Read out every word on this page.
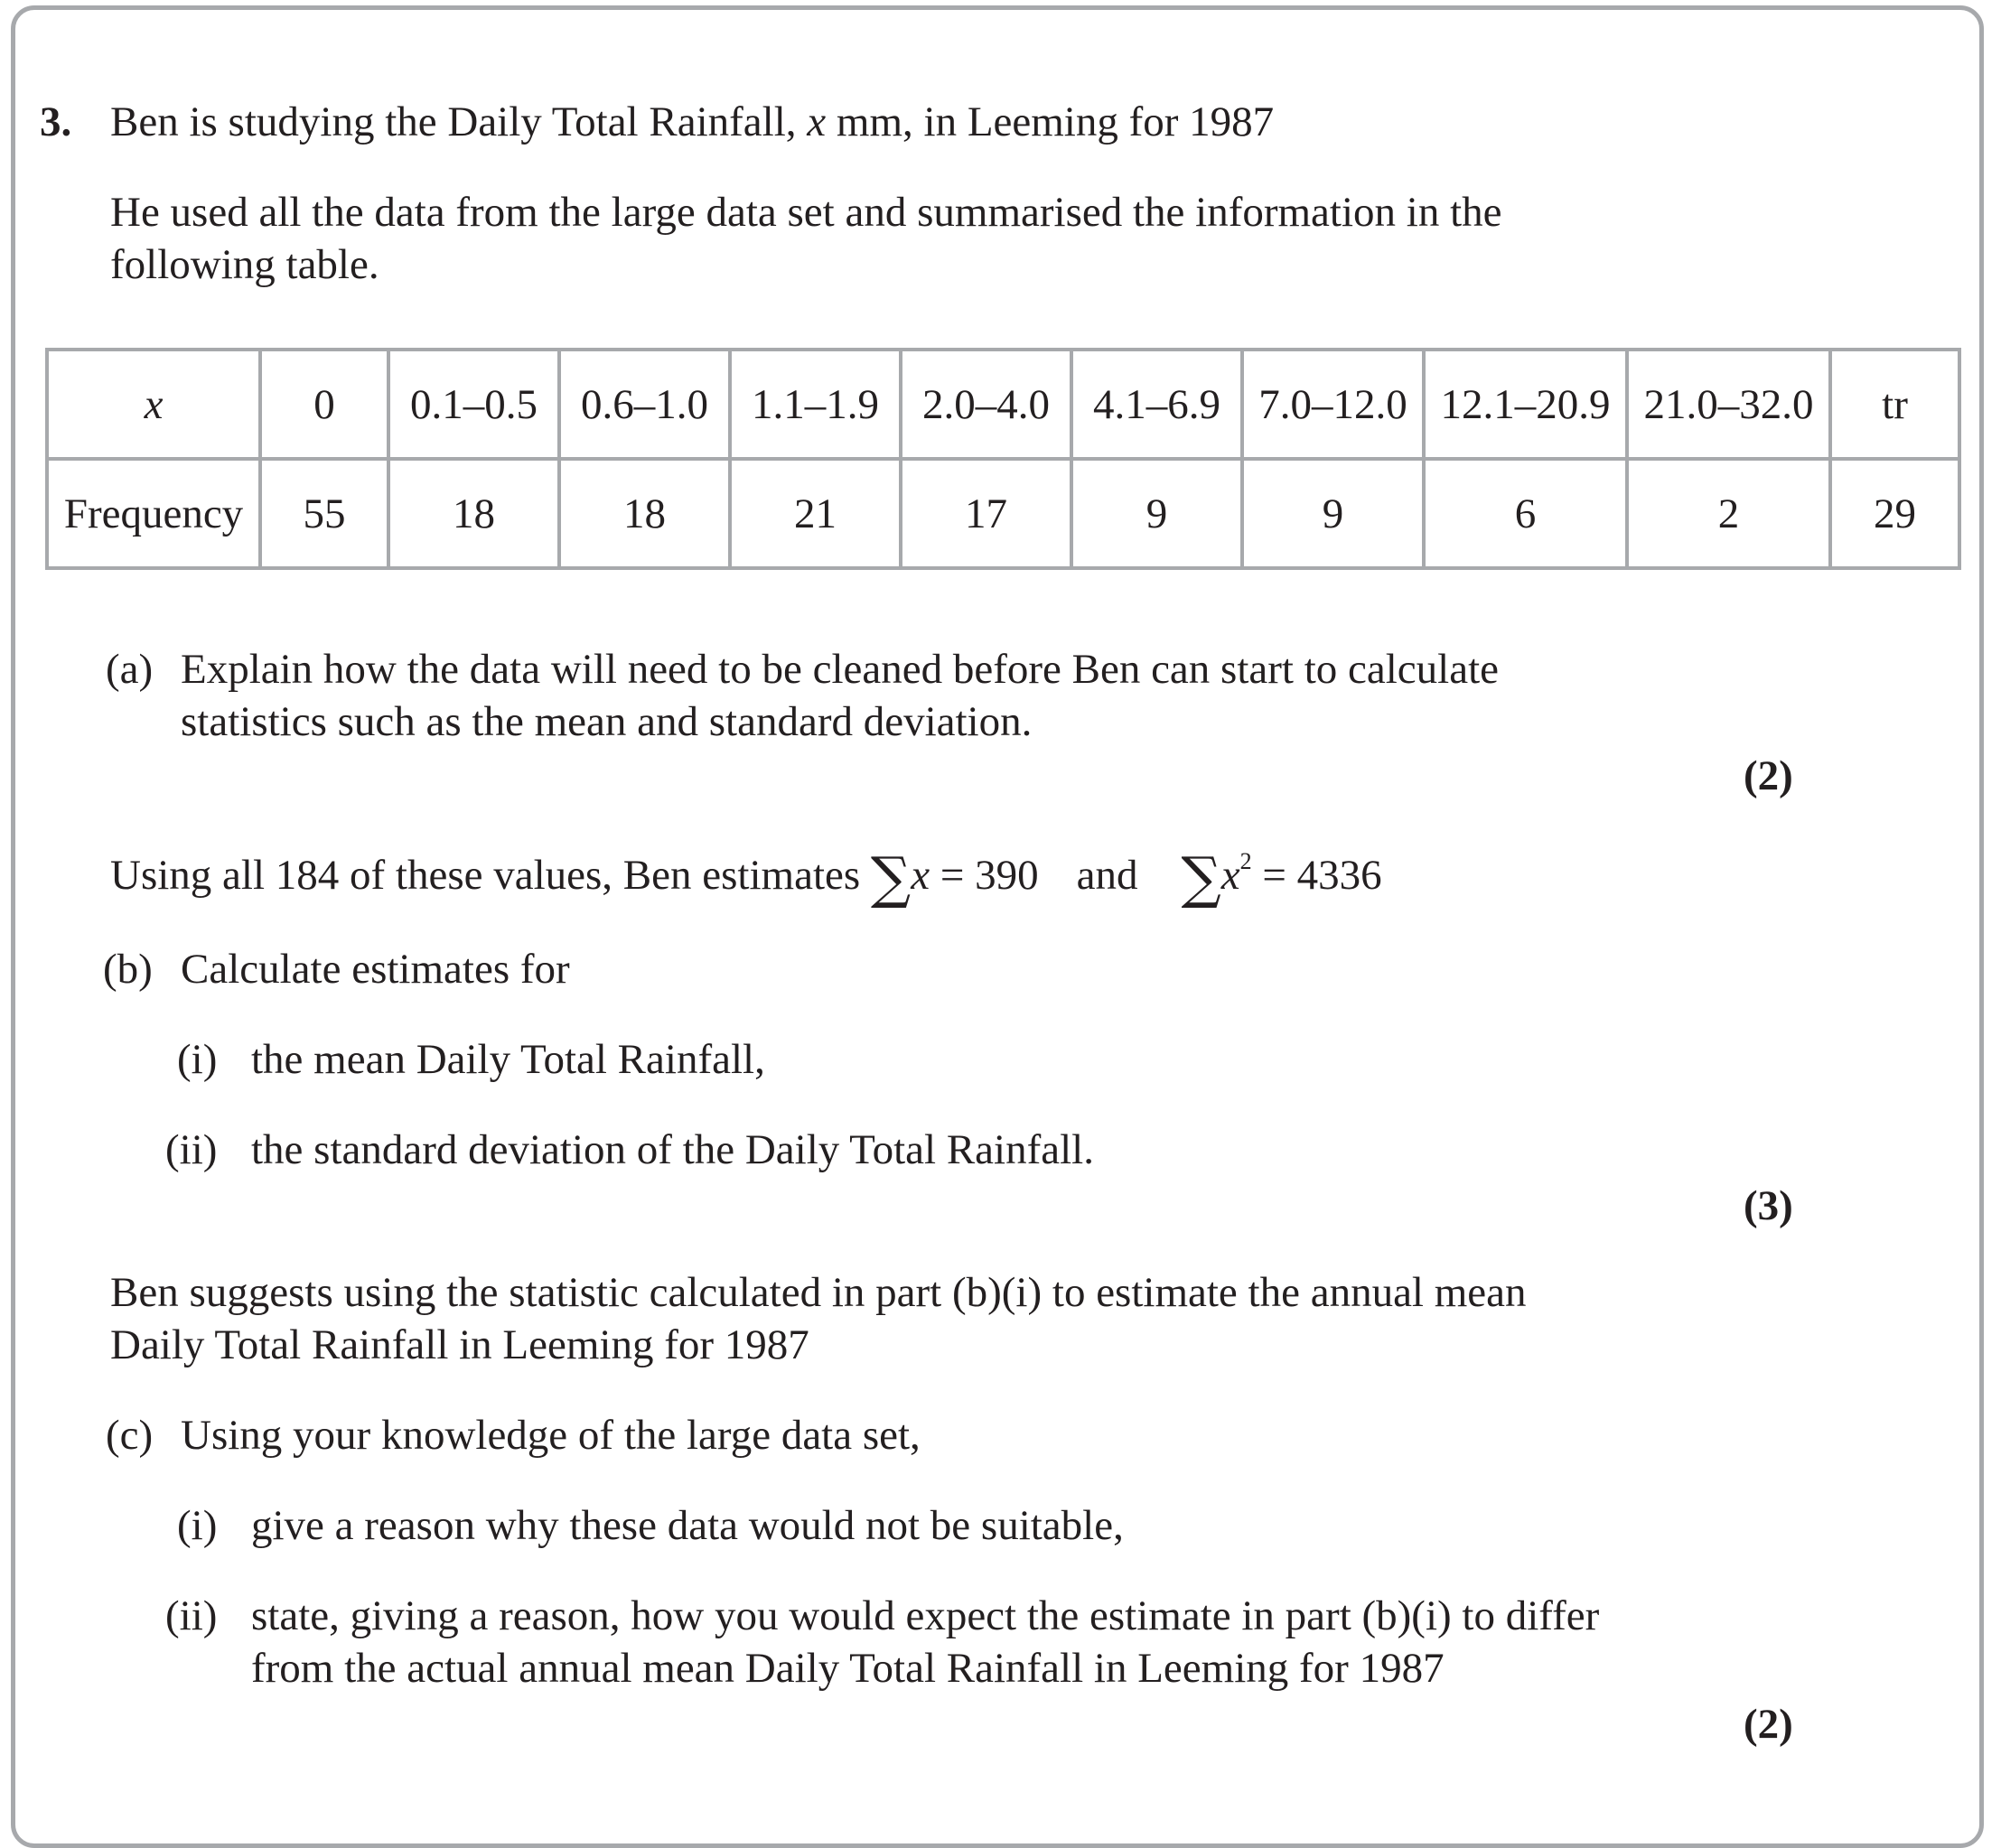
3. Ben is studying the Daily Total Rainfall, x mm, in Leeming for 1987
He used all the data from the large data set and summarised the information in the
following table.
x	0	0.1–0.5	0.6–1.0	1.1–1.9	2.0–4.0	4.1–6.9	7.0–12.0	12.1–20.9	21.0–32.0	tr
Frequency	55	18	18	21	17	9	9	6	2	29
(a) Explain how the data will need to be cleaned before Ben can start to calculate
statistics such as the mean and standard deviation.
(2)
Using all 184 of these values, Ben estimates ∑x = 390 and $\sum x^2 = 4336$
(b) Calculate estimates for
(i) the mean Daily Total Rainfall,
(ii) the standard deviation of the Daily Total Rainfall.
(3)
Ben suggests using the statistic calculated in part (b)(i) to estimate the annual mean
Daily Total Rainfall in Leeming for 1987
(c) Using your knowledge of the large data set,
(i) give a reason why these data would not be suitable,
(ii) state, giving a reason, how you would expect the estimate in part (b)(i) to differ
from the actual annual mean Daily Total Rainfall in Leeming for 1987
(2)
